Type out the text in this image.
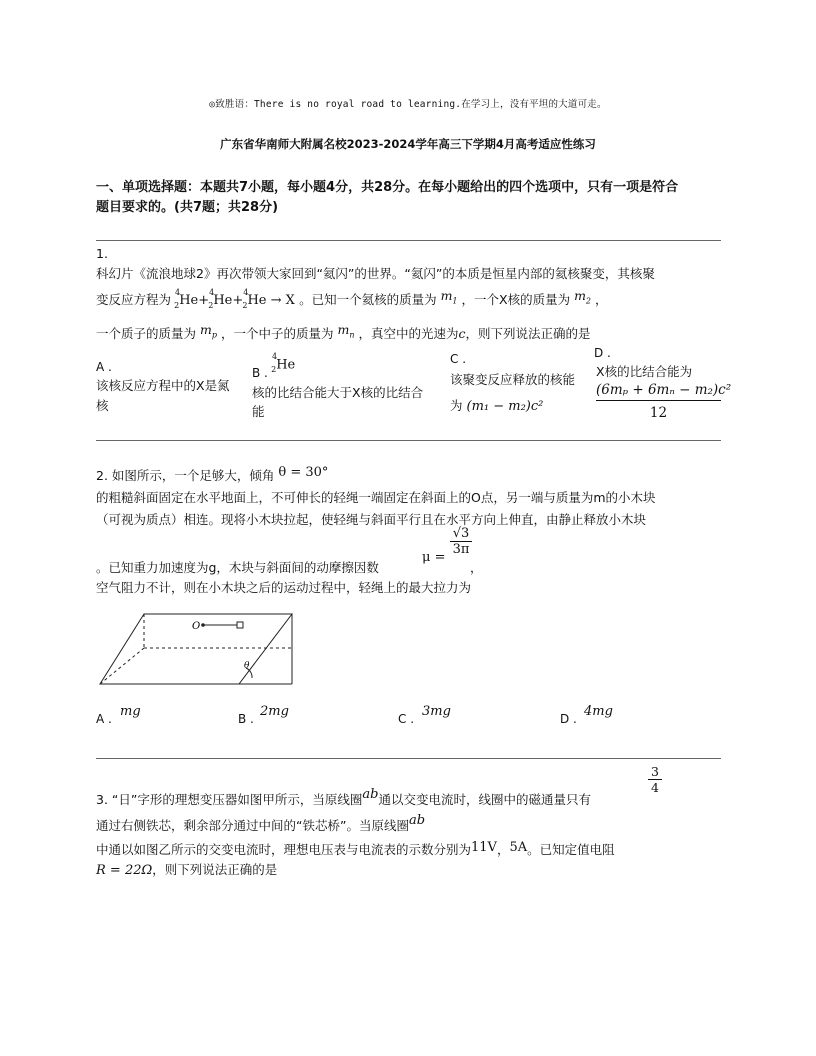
◎致胜语：There is no royal road to learning.在学习上，没有平坦的大道可走。
广东省华南师大附属名校2023-2024学年高三下学期4月高考适应性练习
一、单项选择题：本题共7小题，每小题4分，共28分。在每小题给出的四个选项中，只有一项是符合
题目要求的。(共7题；共28分)
1.
科幻片《流浪地球2》再次带领大家回到“氦闪”的世界。“氦闪”的本质是恒星内部的氦核聚变，其核聚
变反应方程为 $^4_2$He+$^4_2$He+$^4_2$He → X 。已知一个氦核的质量为 $m_1$ ，一个X核的质量为 $m_2$ ，
一个质子的质量为 $m_p$ ，一个中子的质量为 $m_n$ ，真空中的光速为c，则下列说法正确的是
A .
该核反应方程中的X是氮
核
B .
$^4_2$He
核的比结合能大于X核的比结合
能
C .
该聚变反应释放的核能
为 (m₁ − m₂)c²
D .
X核的比结合能为
(6mₚ + 6mₙ − m₂)c²
12
2. 如图所示，一个足够大，倾角 θ = 30°
的粗糙斜面固定在水平地面上，不可伸长的轻绳一端固定在斜面上的O点，另一端与质量为m的小木块
（可视为质点）相连。现将小木块拉起，使轻绳与斜面平行且在水平方向上伸直，由静止释放小木块
。已知重力加速度为g，木块与斜面间的动摩擦因数
μ =
$\frac{√3}{3\pi}$
，
空气阻力不计，则在小木块之后的运动过程中，轻绳上的最大拉力为
O
θ
A . mg	B . 2mg	C . 3mg	D . 4mg
3
4
3. “日”字形的理想变压器如图甲所示，当原线圈ab通以交变电流时，线圈中的磁通量只有
通过右侧铁芯，剩余部分通过中间的“铁芯桥”。当原线圈ab
中通以如图乙所示的交变电流时，理想电压表与电流表的示数分别为11V，5A。已知定值电阻
R = 22Ω，则下列说法正确的是
